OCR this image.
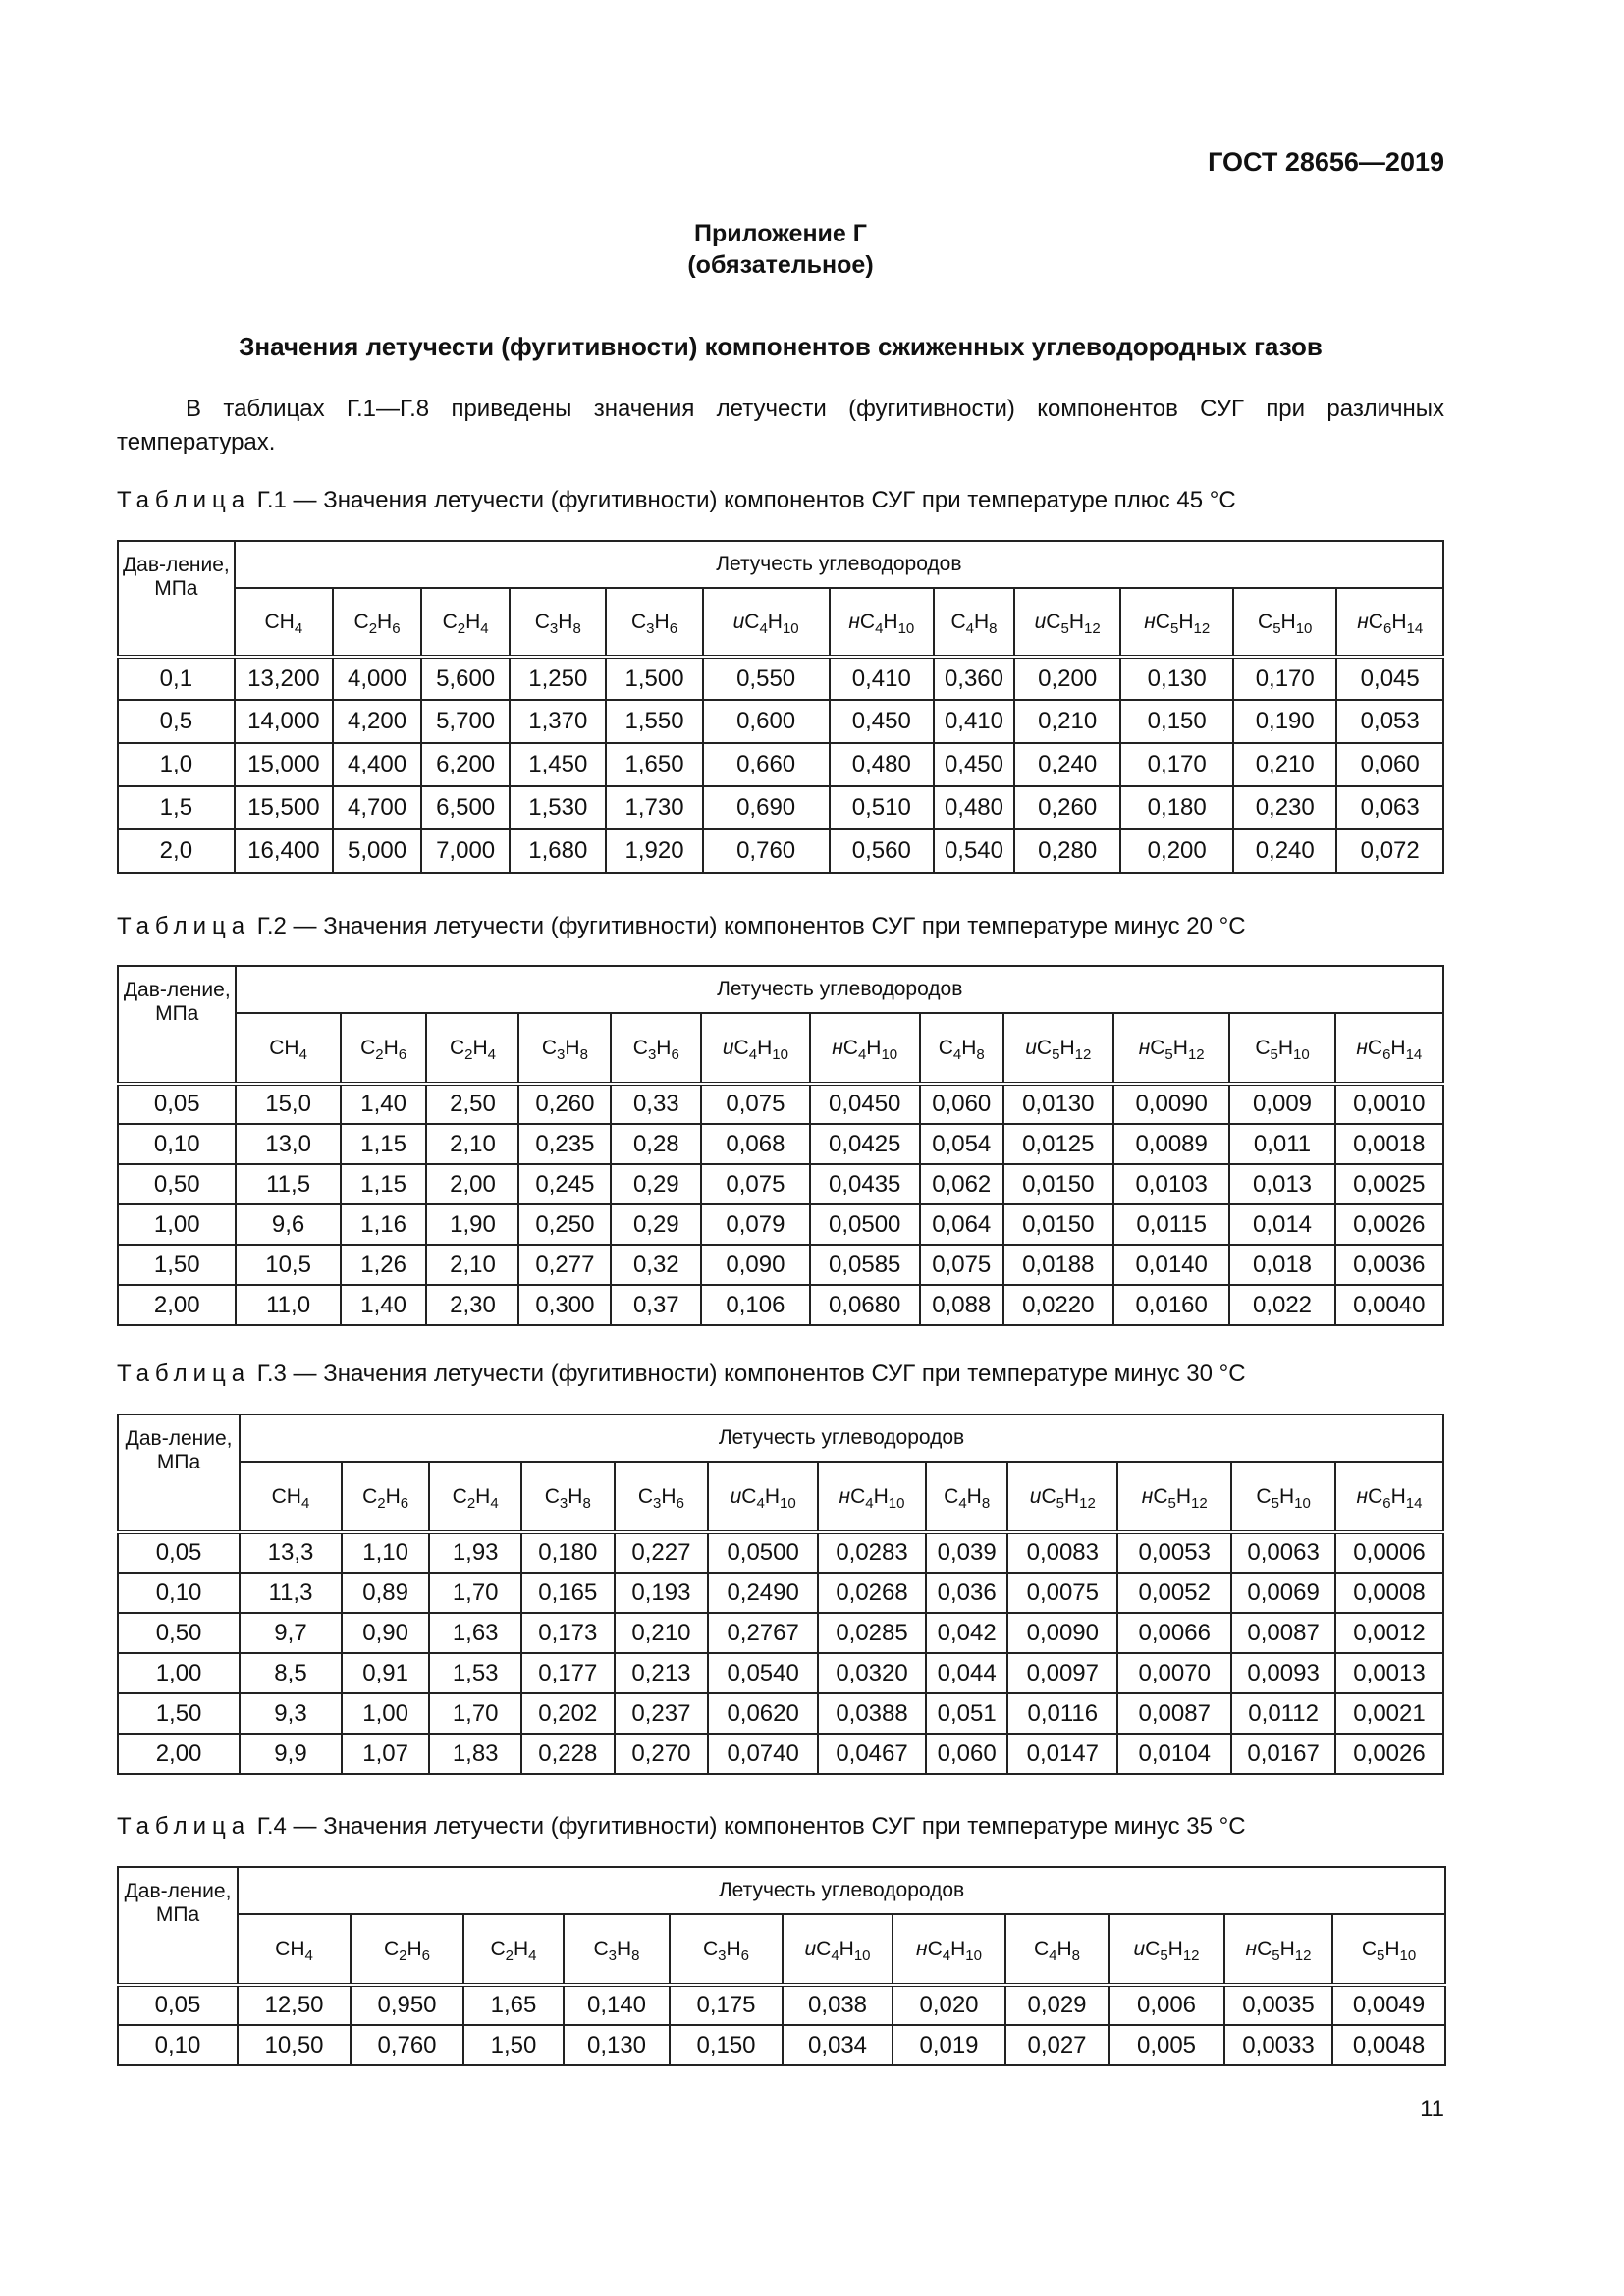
ГОСТ 28656—2019
Приложение Г
(обязательное)
Значения летучести (фугитивности) компонентов сжиженных углеводородных газов

В таблицах Г.1—Г.8 приведены значения летучести (фугитивности) компонентов СУГ при различных температурах.

Таблица Г.1 — Значения летучести (фугитивности) компонентов СУГ при температуре плюс 45 °С
Дав-ление, МПа	Летучесть углеводородов											
	$CH_4$	$C_2H_6$	$C_2H_4$	$C_3H_8$	$C_3H_6$	$иC_4H_{10}$	$нC_4H_{10}$	$C_4H_8$	$иC_5H_{12}$	$нC_5H_{12}$	$C_5H_{10}$	$нC_6H_{14}$
0,1	13,200	4,000	5,600	1,250	1,500	0,550	0,410	0,360	0,200	0,130	0,170	0,045
0,5	14,000	4,200	5,700	1,370	1,550	0,600	0,450	0,410	0,210	0,150	0,190	0,053
1,0	15,000	4,400	6,200	1,450	1,650	0,660	0,480	0,450	0,240	0,170	0,210	0,060
1,5	15,500	4,700	6,500	1,530	1,730	0,690	0,510	0,480	0,260	0,180	0,230	0,063
2,0	16,400	5,000	7,000	1,680	1,920	0,760	0,560	0,540	0,280	0,200	0,240	0,072
Таблица Г.2 — Значения летучести (фугитивности) компонентов СУГ при температуре минус 20 °С
Дав-ление, МПа	Летучесть углеводородов											
	$CH_4$	$C_2H_6$	$C_2H_4$	$C_3H_8$	$C_3H_6$	$иC_4H_{10}$	$нC_4H_{10}$	$C_4H_8$	$иC_5H_{12}$	$нC_5H_{12}$	$C_5H_{10}$	$нC_6H_{14}$
0,05	15,0	1,40	2,50	0,260	0,33	0,075	0,0450	0,060	0,0130	0,0090	0,009	0,0010
0,10	13,0	1,15	2,10	0,235	0,28	0,068	0,0425	0,054	0,0125	0,0089	0,011	0,0018
0,50	11,5	1,15	2,00	0,245	0,29	0,075	0,0435	0,062	0,0150	0,0103	0,013	0,0025
1,00	9,6	1,16	1,90	0,250	0,29	0,079	0,0500	0,064	0,0150	0,0115	0,014	0,0026
1,50	10,5	1,26	2,10	0,277	0,32	0,090	0,0585	0,075	0,0188	0,0140	0,018	0,0036
2,00	11,0	1,40	2,30	0,300	0,37	0,106	0,0680	0,088	0,0220	0,0160	0,022	0,0040
Таблица Г.3 — Значения летучести (фугитивности) компонентов СУГ при температуре минус 30 °С
Дав-ление, МПа	Летучесть углеводородов											
	$CH_4$	$C_2H_6$	$C_2H_4$	$C_3H_8$	$C_3H_6$	$иC_4H_{10}$	$нC_4H_{10}$	$C_4H_8$	$иC_5H_{12}$	$нC_5H_{12}$	$C_5H_{10}$	$нC_6H_{14}$
0,05	13,3	1,10	1,93	0,180	0,227	0,0500	0,0283	0,039	0,0083	0,0053	0,0063	0,0006
0,10	11,3	0,89	1,70	0,165	0,193	0,2490	0,0268	0,036	0,0075	0,0052	0,0069	0,0008
0,50	9,7	0,90	1,63	0,173	0,210	0,2767	0,0285	0,042	0,0090	0,0066	0,0087	0,0012
1,00	8,5	0,91	1,53	0,177	0,213	0,0540	0,0320	0,044	0,0097	0,0070	0,0093	0,0013
1,50	9,3	1,00	1,70	0,202	0,237	0,0620	0,0388	0,051	0,0116	0,0087	0,0112	0,0021
2,00	9,9	1,07	1,83	0,228	0,270	0,0740	0,0467	0,060	0,0147	0,0104	0,0167	0,0026
Таблица Г.4 — Значения летучести (фугитивности) компонентов СУГ при температуре минус 35 °С
Дав-ление, МПа	Летучесть углеводородов										
	$CH_4$	$C_2H_6$	$C_2H_4$	$C_3H_8$	$C_3H_6$	$иC_4H_{10}$	$нC_4H_{10}$	$C_4H_8$	$иC_5H_{12}$	$нC_5H_{12}$	$C_5H_{10}$
0,05	12,50	0,950	1,65	0,140	0,175	0,038	0,020	0,029	0,006	0,0035	0,0049
0,10	10,50	0,760	1,50	0,130	0,150	0,034	0,019	0,027	0,005	0,0033	0,0048
11
